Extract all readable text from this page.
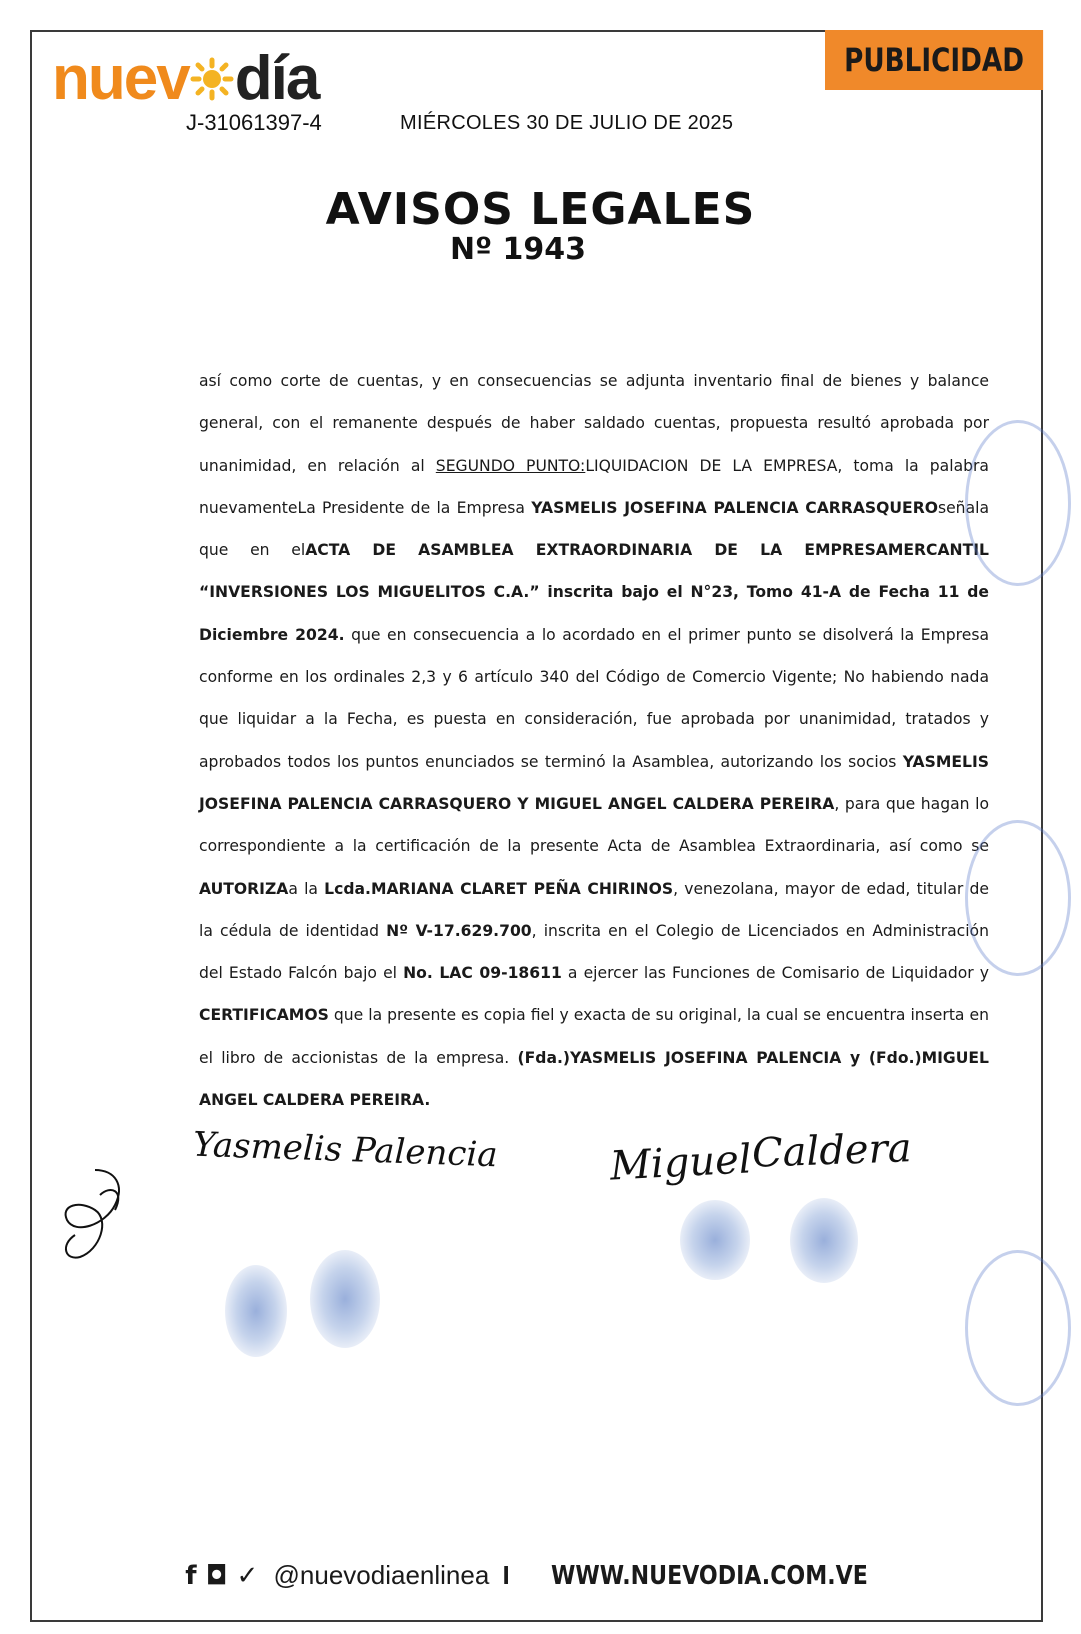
nuev día
J-31061397-4	MIÉRCOLES 30 DE JULIO DE 2025
PUBLICIDAD
AVISOS LEGALES
Nº 1943
así como corte de cuentas, y en consecuencias se adjunta inventario final de bienes y balance general, con el remanente después de haber saldado cuentas, propuesta resultó aprobada por unanimidad, en relación al SEGUNDO PUNTO:LIQUIDACION DE LA EMPRESA, toma la palabra nuevamenteLa Presidente de la Empresa YASMELIS JOSEFINA PALENCIA CARRASQUEROseñala que en elACTA DE ASAMBLEA EXTRAORDINARIA DE LA EMPRESAMERCANTIL “INVERSIONES LOS MIGUELITOS C.A.” inscrita bajo el N°23, Tomo 41-A de Fecha 11 de Diciembre 2024. que en consecuencia a lo acordado en el primer punto se disolverá la Empresa conforme en los ordinales 2,3 y 6 artículo 340 del Código de Comercio Vigente; No habiendo nada que liquidar a la Fecha, es puesta en consideración, fue aprobada por unanimidad, tratados y aprobados todos los puntos enunciados se terminó la Asamblea, autorizando los socios YASMELIS JOSEFINA PALENCIA CARRASQUERO Y MIGUEL ANGEL CALDERA PEREIRA, para que hagan lo correspondiente a la certificación de la presente Acta de Asamblea Extraordinaria, así como se AUTORIZAa la Lcda.MARIANA CLARET PEÑA CHIRINOS, venezolana, mayor de edad, titular de la cédula de identidad Nº V-17.629.700, inscrita en el Colegio de Licenciados en Administración del Estado Falcón bajo el No. LAC 09-18611 a ejercer las Funciones de Comisario de Liquidador y CERTIFICAMOS que la presente es copia fiel y exacta de su original, la cual se encuentra inserta en el libro de accionistas de la empresa. (Fda.)YASMELIS JOSEFINA PALENCIA y (Fdo.)MIGUEL ANGEL CALDERA PEREIRA.
Yasmelis Palencia	Miguel
Caldera
f ◘ ✓ @nuevodiaenlinea I WWW.NUEVODIA.COM.VE
